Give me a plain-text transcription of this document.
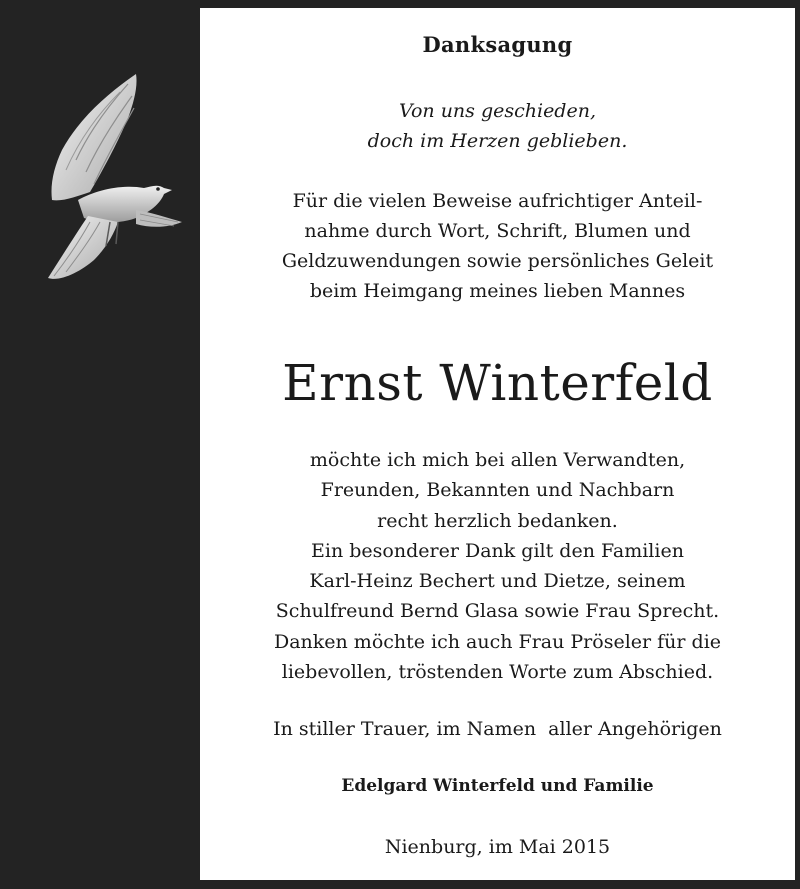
Danksagung
Von uns geschieden,
doch im Herzen geblieben.
Für die vielen Beweise aufrichtiger Anteil-
nahme durch Wort, Schrift, Blumen und
Geldzuwendungen sowie persönliches Geleit
beim Heimgang meines lieben Mannes
Ernst Winterfeld
möchte ich mich bei allen Verwandten,
Freunden, Bekannten und Nachbarn
recht herzlich bedanken.
Ein besonderer Dank gilt den Familien
Karl-Heinz Bechert und Dietze, seinem
Schulfreund Bernd Glasa sowie Frau Sprecht.
Danken möchte ich auch Frau Pröseler für die
liebevollen, tröstenden Worte zum Abschied.
In stiller Trauer, im Namen  aller Angehörigen
Edelgard Winterfeld und Familie
Nienburg, im Mai 2015
